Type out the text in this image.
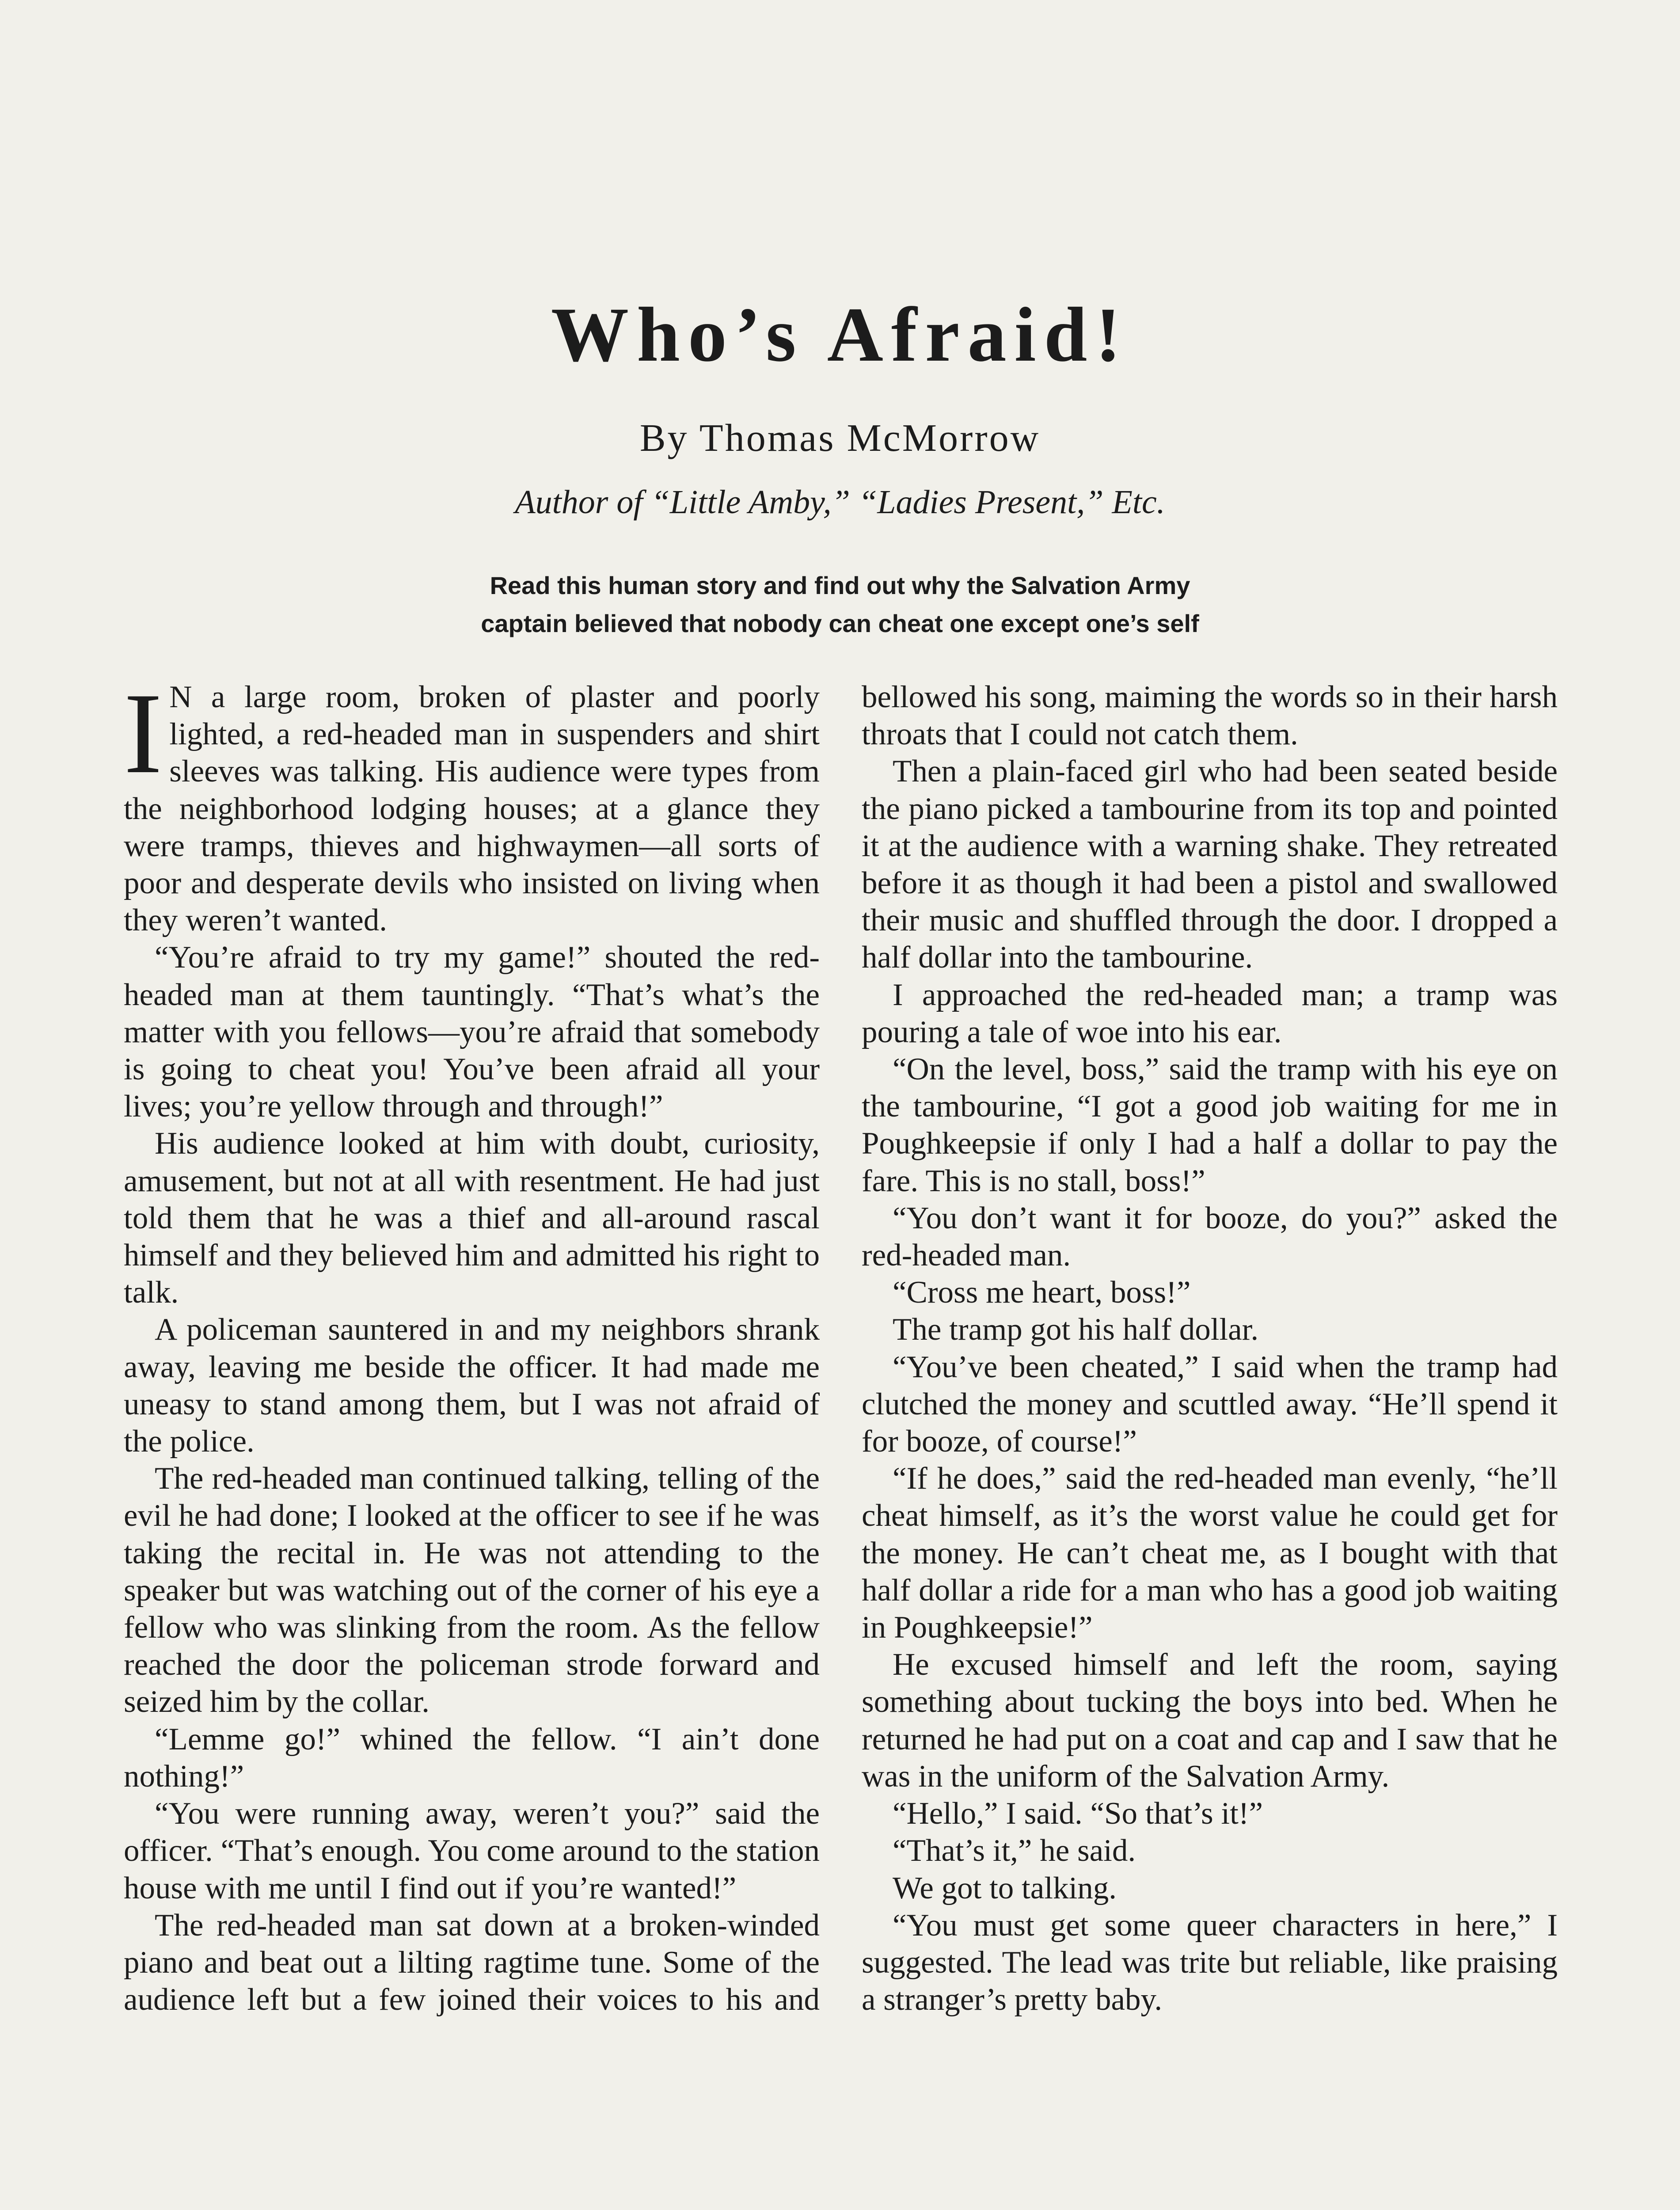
Who’s Afraid!
By Thomas McMorrow
Author of “Little Amby,” “Ladies Present,” Etc.
Read this human story and find out why the Salvation Army
captain believed that nobody can cheat one except one’s self

I N a large room, broken of plaster and poorly lighted, a red-headed man in suspenders and shirt sleeves was talking. His audience were types from the neighborhood lodging houses; at a glance they were tramps, thieves and highwaymen—all sorts of poor and desperate devils who insisted on living when they weren’t wanted.

“You’re afraid to try my game!” shouted the red-headed man at them tauntingly. “That’s what’s the matter with you fellows—you’re afraid that somebody is going to cheat you! You’ve been afraid all your lives; you’re yellow through and through!”

His audience looked at him with doubt, curiosity, amusement, but not at all with resentment. He had just told them that he was a thief and all-around rascal himself and they believed him and admitted his right to talk.

A policeman sauntered in and my neighbors shrank away, leaving me beside the officer. It had made me uneasy to stand among them, but I was not afraid of the police.

The red-headed man continued talking, telling of the evil he had done; I looked at the officer to see if he was taking the recital in. He was not attending to the speaker but was watching out of the corner of his eye a fellow who was slinking from the room. As the fellow reached the door the policeman strode forward and seized him by the collar.

“Lemme go!” whined the fellow. “I ain’t done nothing!”

“You were running away, weren’t you?” said the officer. “That’s enough. You come around to the station house with me until I find out if you’re wanted!”

The red-headed man sat down at a broken-winded piano and beat out a lilting ragtime tune. Some of the audience left but a few joined their voices to his and

bellowed his song, maiming the words so in their harsh throats that I could not catch them.

Then a plain-faced girl who had been seated beside the piano picked a tambourine from its top and pointed it at the audience with a warning shake. They retreated before it as though it had been a pistol and swallowed their music and shuffled through the door. I dropped a half dollar into the tambourine.

I approached the red-headed man; a tramp was pouring a tale of woe into his ear.

“On the level, boss,” said the tramp with his eye on the tambourine, “I got a good job waiting for me in Poughkeepsie if only I had a half a dollar to pay the fare. This is no stall, boss!”

“You don’t want it for booze, do you?” asked the red-headed man.

“Cross me heart, boss!”

The tramp got his half dollar.

“You’ve been cheated,” I said when the tramp had clutched the money and scuttled away. “He’ll spend it for booze, of course!”

“If he does,” said the red-headed man evenly, “he’ll cheat himself, as it’s the worst value he could get for the money. He can’t cheat me, as I bought with that half dollar a ride for a man who has a good job waiting in Poughkeepsie!”

He excused himself and left the room, saying something about tucking the boys into bed. When he returned he had put on a coat and cap and I saw that he was in the uniform of the Salvation Army.

“Hello,” I said. “So that’s it!”

“That’s it,” he said.

We got to talking.

“You must get some queer characters in here,” I suggested. The lead was trite but reliable, like praising a stranger’s pretty baby.
